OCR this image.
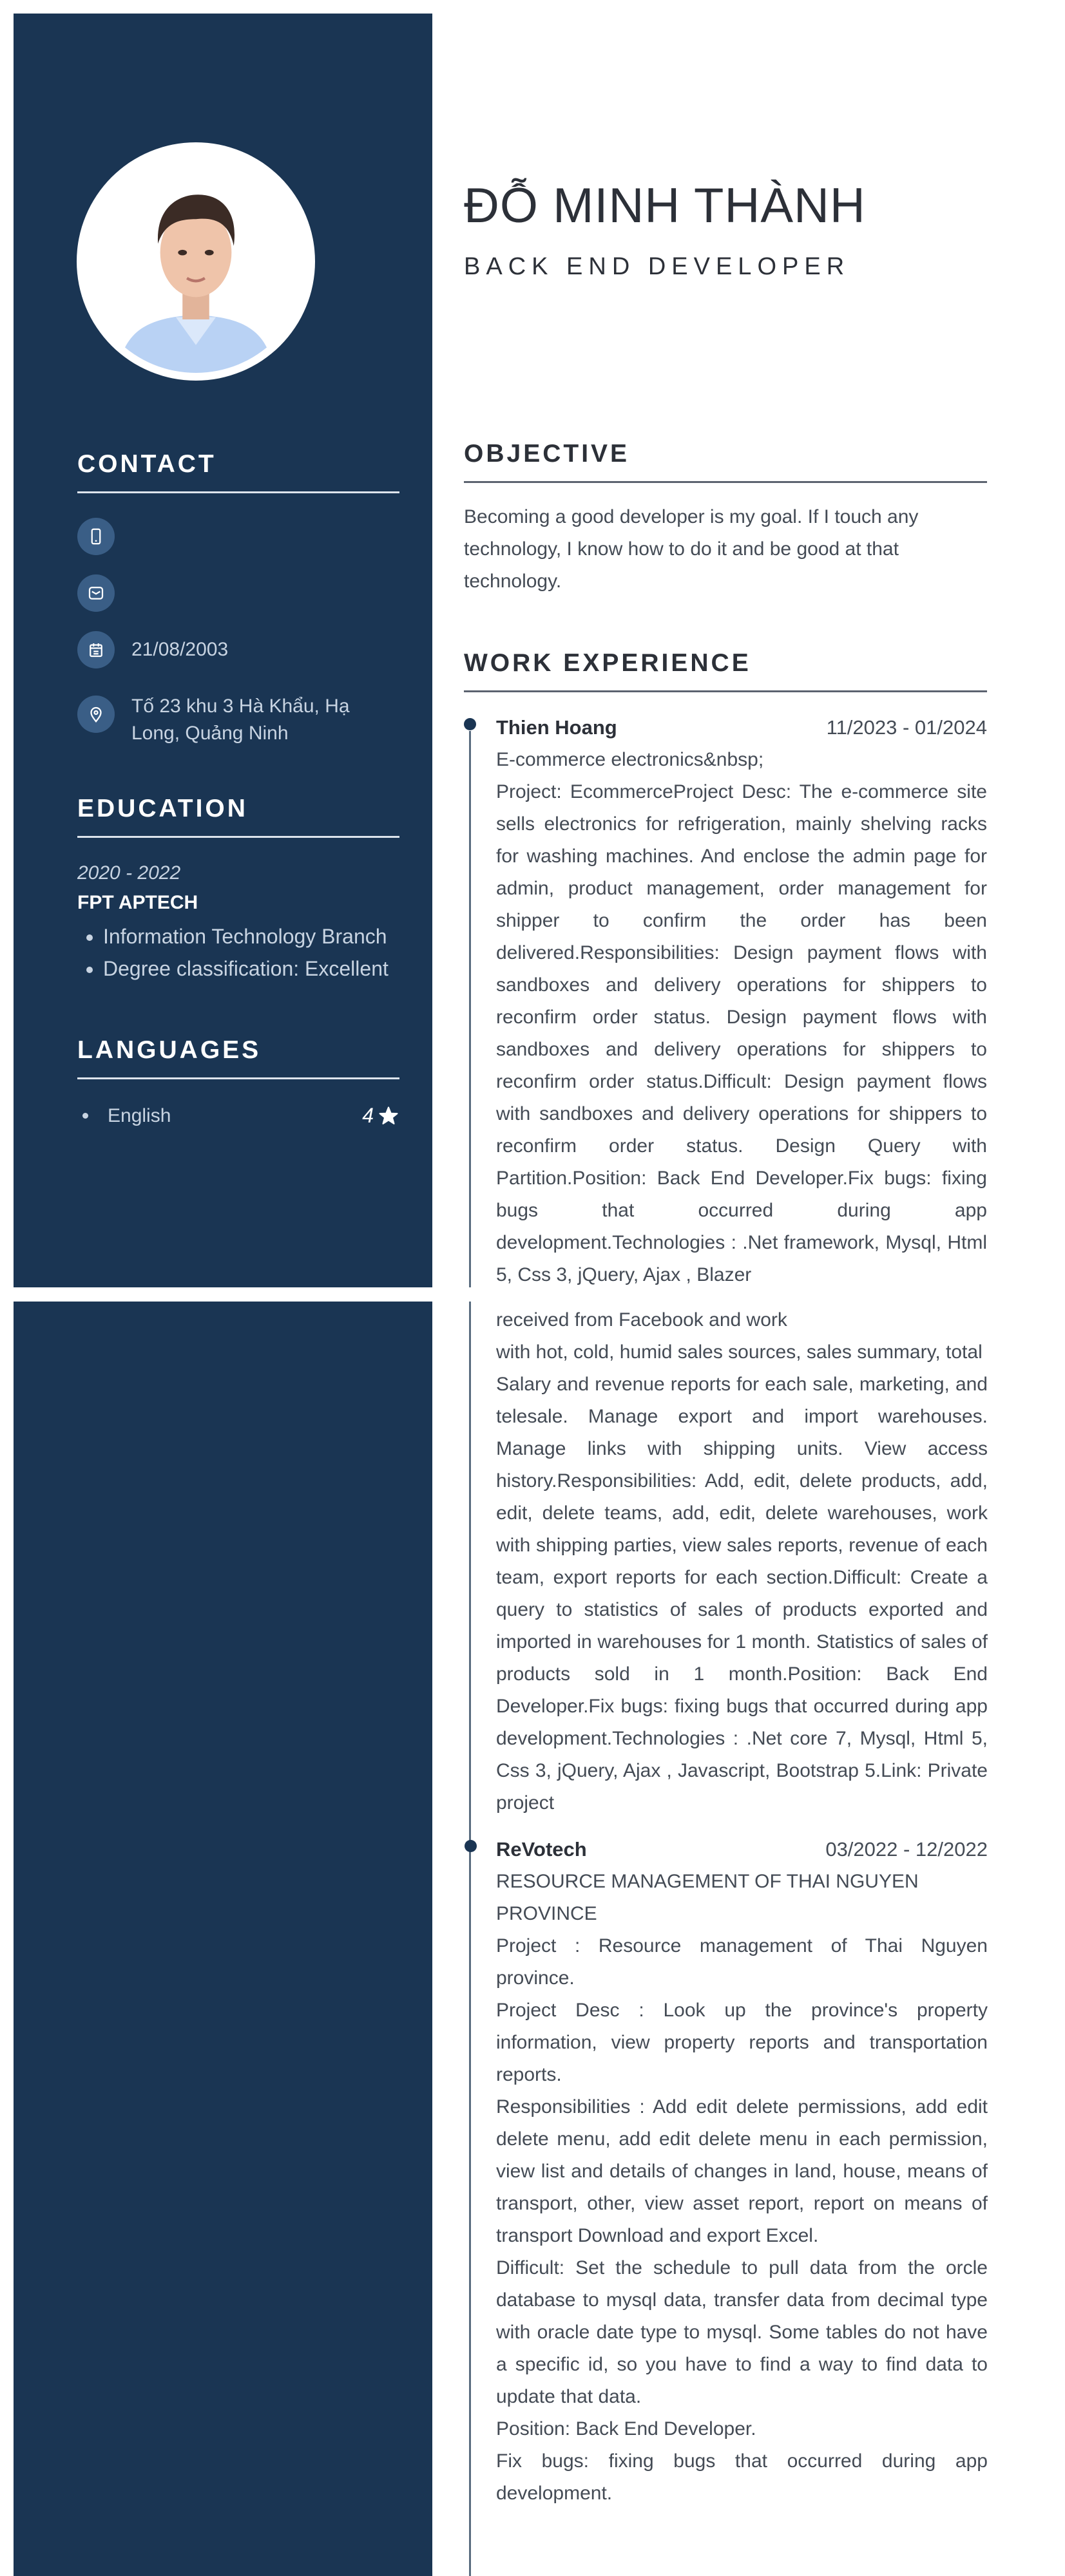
CONTACT
21/08/2003
Tố 23 khu 3 Hà Khẩu, Hạ Long, Quảng Ninh
EDUCATION
2020 - 2022
FPT APTECH
• Information Technology Branch
• Degree classification: Excellent
LANGUAGES
English	4
ĐỖ MINH THÀNH
BACK END DEVELOPER
OBJECTIVE
Becoming a good developer is my goal. If I touch any technology, I know how to do it and be good at that technology.
WORK EXPERIENCE
Thien Hoang	11/2023 - 01/2024
E-commerce electronics&nbsp;
Project: EcommerceProject Desc: The e-commerce site sells electronics for refrigeration, mainly shelving racks for washing machines. And enclose the admin page for admin, product management, order management for shipper to confirm the order has been delivered.Responsibilities: Design payment flows with sandboxes and delivery operations for shippers to reconfirm order status. Design payment flows with sandboxes and delivery operations for shippers to reconfirm order status.Difficult: Design payment flows with sandboxes and delivery operations for shippers to reconfirm order status. Design Query with Partition.Position: Back End Developer.Fix bugs: fixing bugs that occurred during app development.Technologies : .Net framework, Mysql, Html 5, Css 3, jQuery, Ajax , Blazer
received from Facebook and work
with hot, cold, humid sales sources, sales summary, total
Salary and revenue reports for each sale, marketing, and telesale. Manage export and import warehouses. Manage links with shipping units. View access history.Responsibilities: Add, edit, delete products, add, edit, delete teams, add, edit, delete warehouses, work with shipping parties, view sales reports, revenue of each team, export reports for each section.Difficult: Create a query to statistics of sales of products exported and imported in warehouses for 1 month. Statistics of sales of products sold in 1 month.Position: Back End Developer.Fix bugs: fixing bugs that occurred during app development.Technologies : .Net core 7, Mysql, Html 5, Css 3, jQuery, Ajax , Javascript, Bootstrap 5.Link: Private project
ReVotech	03/2022 - 12/2022
RESOURCE MANAGEMENT OF THAI NGUYEN PROVINCE
Project : Resource management of Thai Nguyen province.
Project Desc : Look up the province's property information, view property reports and transportation reports.
Responsibilities : Add edit delete permissions, add edit delete menu, add edit delete menu in each permission, view list and details of changes in land, house, means of transport, other, view asset report, report on means of transport Download and export Excel.
Difficult: Set the schedule to pull data from the orcle database to mysql data, transfer data from decimal type with oracle date type to mysql. Some tables do not have a specific id, so you have to find a way to find data to update that data.
Position: Back End Developer.
Fix bugs: fixing bugs that occurred during app development.
